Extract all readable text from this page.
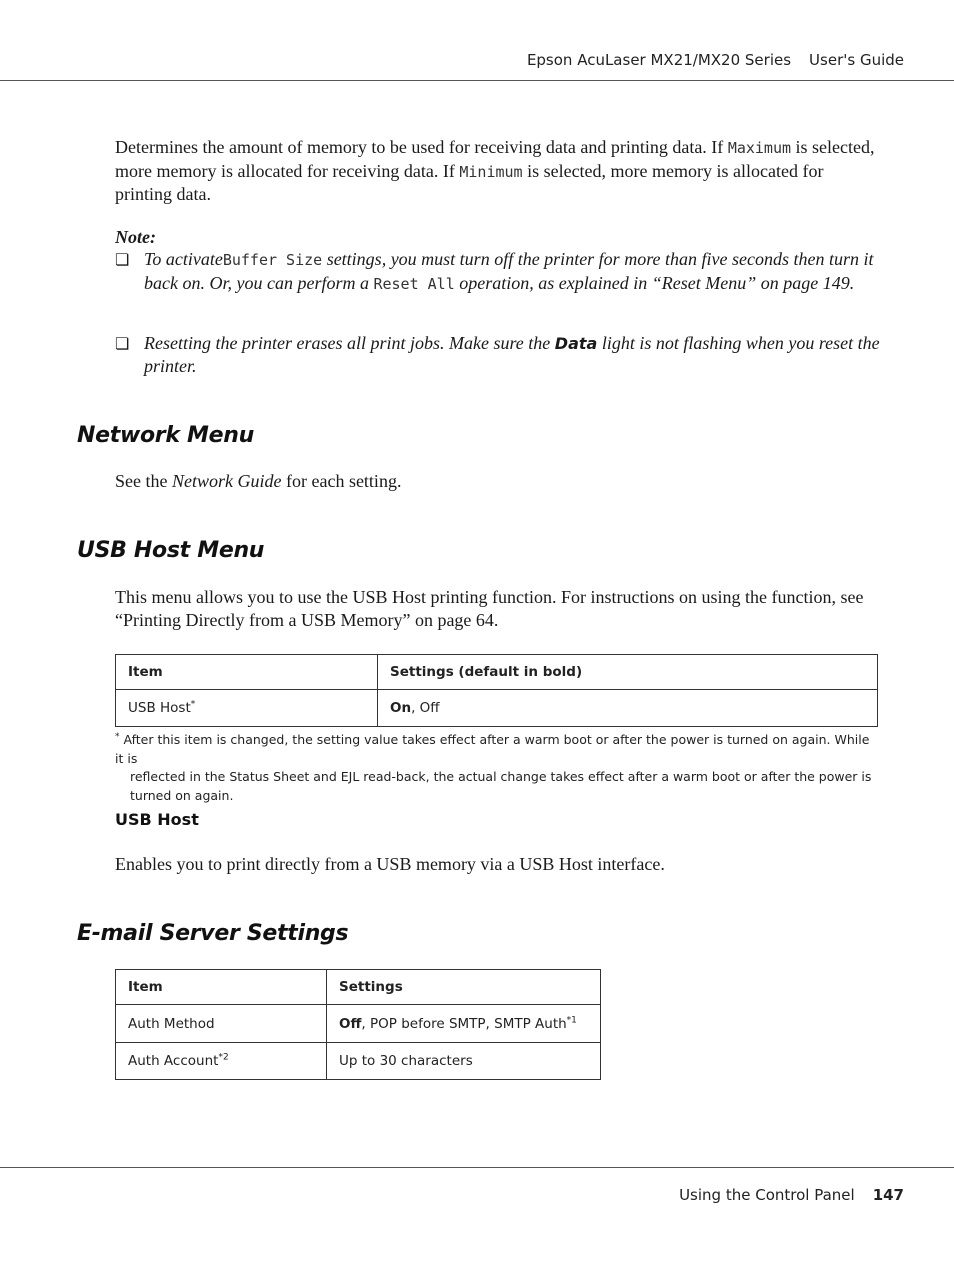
Epson AcuLaser MX21/MX20 Series User's Guide
Determines the amount of memory to be used for receiving data and printing data. If Maximum is selected, more memory is allocated for receiving data. If Minimum is selected, more memory is allocated for printing data.
Note:
❏ To activateBuffer Size settings, you must turn off the printer for more than five seconds then turn it back on. Or, you can perform a Reset All operation, as explained in “Reset Menu” on page 149.
❏ Resetting the printer erases all print jobs. Make sure the Data light is not flashing when you reset the printer.
Network Menu
See the Network Guide for each setting.
USB Host Menu
This menu allows you to use the USB Host printing function. For instructions on using the function, see “Printing Directly from a USB Memory” on page 64.
Item	Settings (default in bold)
USB Host*	On, Off
* After this item is changed, the setting value takes effect after a warm boot or after the power is turned on again. While it is
reflected in the Status Sheet and EJL read-back, the actual change takes effect after a warm boot or after the power is turned on again.
USB Host
Enables you to print directly from a USB memory via a USB Host interface.
E-mail Server Settings
Item	Settings
Auth Method	Off, POP before SMTP, SMTP Auth$^{*1}$
Auth Account$^{*2}$	Up to 30 characters
Using the Control Panel 147
